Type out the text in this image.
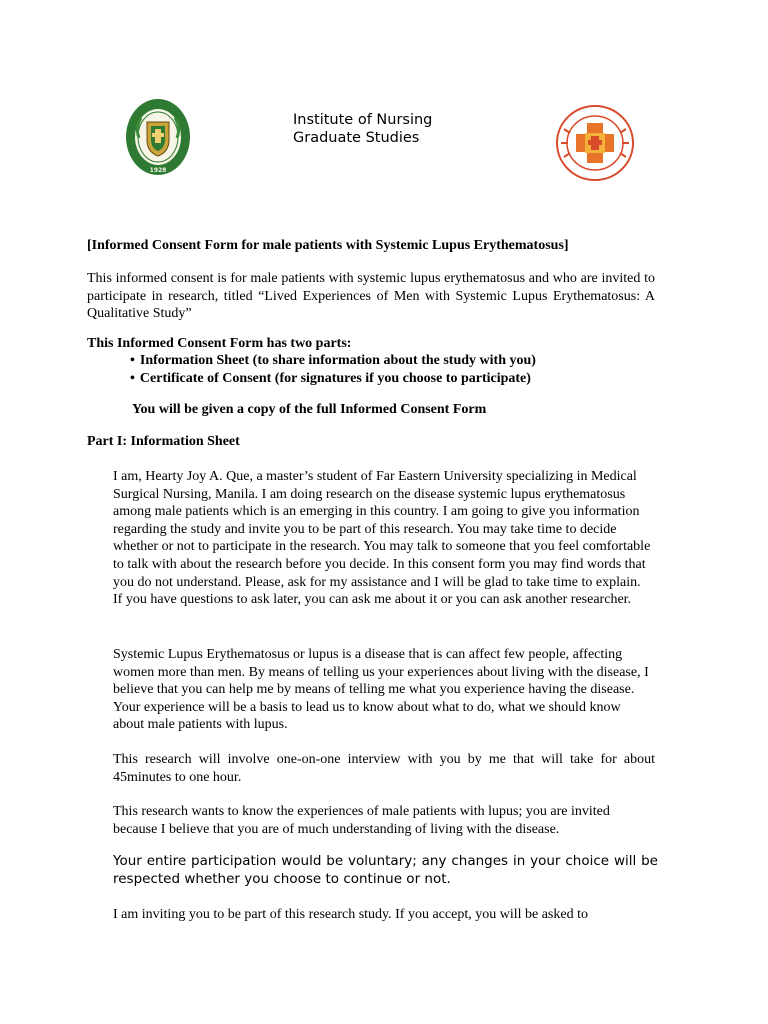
1928
Institute of Nursing
Graduate Studies
[Informed Consent Form for male patients with Systemic Lupus Erythematosus]
This informed consent is for male patients with systemic lupus erythematosus and who are invited to participate in research, titled “Lived Experiences of Men with Systemic Lupus Erythematosus: A Qualitative Study”
This Informed Consent Form has two parts:
• Information Sheet (to share information about the study with you)
• Certificate of Consent (for signatures if you choose to participate)
You will be given a copy of the full Informed Consent Form
Part I: Information Sheet
I am, Hearty Joy A. Que, a master’s student of Far Eastern University specializing in Medical Surgical Nursing, Manila. I am doing research on the disease systemic lupus erythematosus among male patients which is an emerging in this country. I am going to give you information regarding the study and invite you to be part of this research. You may take time to decide whether or not to participate in the research. You may talk to someone that you feel comfortable to talk with about the research before you decide. In this consent form you may find words that you do not understand. Please, ask for my assistance and I will be glad to take time to explain. If you have questions to ask later, you can ask me about it or you can ask another researcher.
Systemic Lupus Erythematosus or lupus is a disease that is can affect few people, affecting women more than men. By means of telling us your experiences about living with the disease, I believe that you can help me by means of telling me what you experience having the disease. Your experience will be a basis to lead us to know about what to do, what we should know about male patients with lupus.
This research will involve one-on-one interview with you by me that will take for about 45minutes to one hour.
This research wants to know the experiences of male patients with lupus; you are invited because I believe that you are of much understanding of living with the disease.
Your entire participation would be voluntary; any changes in your choice will be respected whether you choose to continue or not.
I am inviting you to be part of this research study. If you accept, you will be asked to
